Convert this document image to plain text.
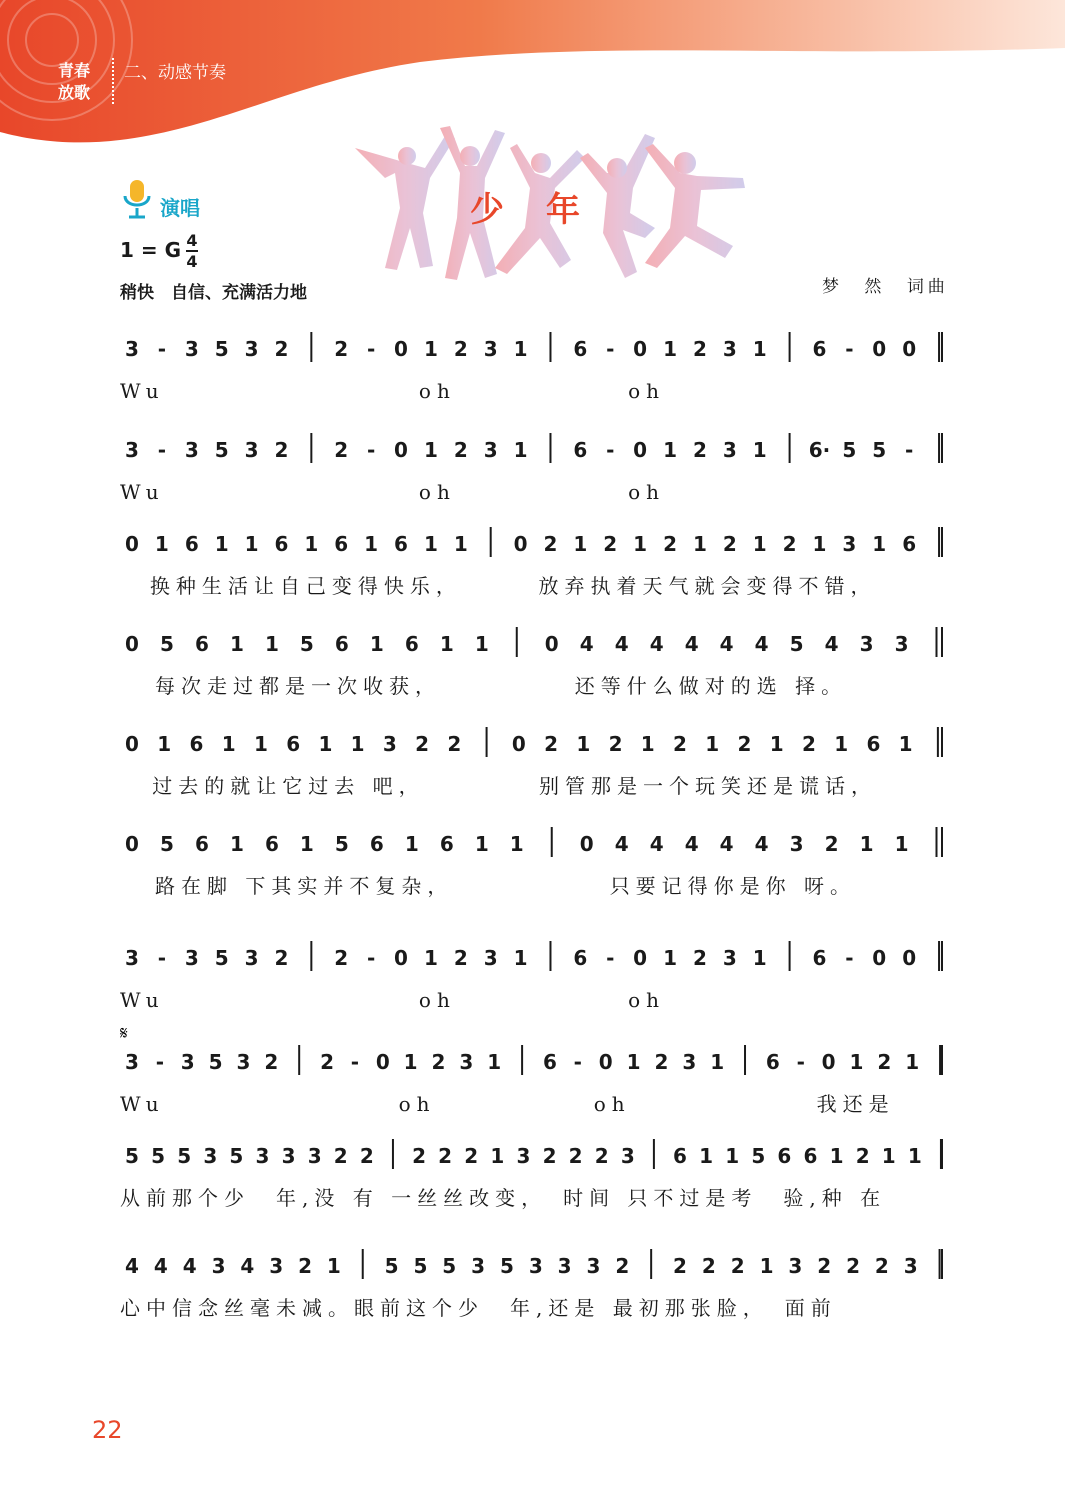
青春
放歌
二、动感节奏
少年
演唱
1 = G 4
4
稍快　自信、充满活力地	梦 然 词曲
3 - 3 5 3 2 2 - 0 1 2 3 1 6 - 0 1 2 3 1 6 - 0 0
Wu	oh	oh
3 - 3 5 3 2 2 - 0 1 2 3 1 6 - 0 1 2 3 1 6· 5 5 -
Wu	oh	oh
0 1 6 1 1 6 1 6 1 6 1 1 0 2 1 2 1 2 1 2 1 2 1 3 1 6
换种生活让自己变得快乐，	放弃执着天气就会变得不错，
0 5 6 1 1 5 6 1 6 1 1	0 4 4 4 4 4 4 5 4 3 3
每次走过都是一次收获，	还等什么做对的选 择。
0 1 6 1 1 6 1 1 3 2 2	0 2 1 2 1 2 1 2 1 2 1 6 1
过去的就让它过去 吧，	别管那是一个玩笑还是谎话，
0 5 6 1 6 1 5 6 1 6 1 1	0 4 4 4 4 4 3 2 1 1
路在脚 下其实并不复杂，	只要记得你是你 呀。
3 - 3 5 3 2 2 - 0 1 2 3 1 6 - 0 1 2 3 1 6 - 0 0
Wu	oh	oh
3 - 3 5 3 2 2 - 0 1 2 3 1 6 - 0 1 2 3 1 6 - 0 1 2 1
𝄋
Wu	oh	oh	我还是
5 5 5 3 5 3 3 3 2 2 2 2 2 1 3 2 2 2 3 6 1 1 5 6 6 1 2 1 1
从前那个少　年,没 有 一丝丝改变，　时间 只不过是考　验,种 在
4 4 4 3 4 3 2 1 5 5 5 3 5 3 3 3 2 2 2 2 1 3 2 2 2 3
心中信念丝毫未减。眼前这个少　年,还是 最初那张脸，　面前
22
